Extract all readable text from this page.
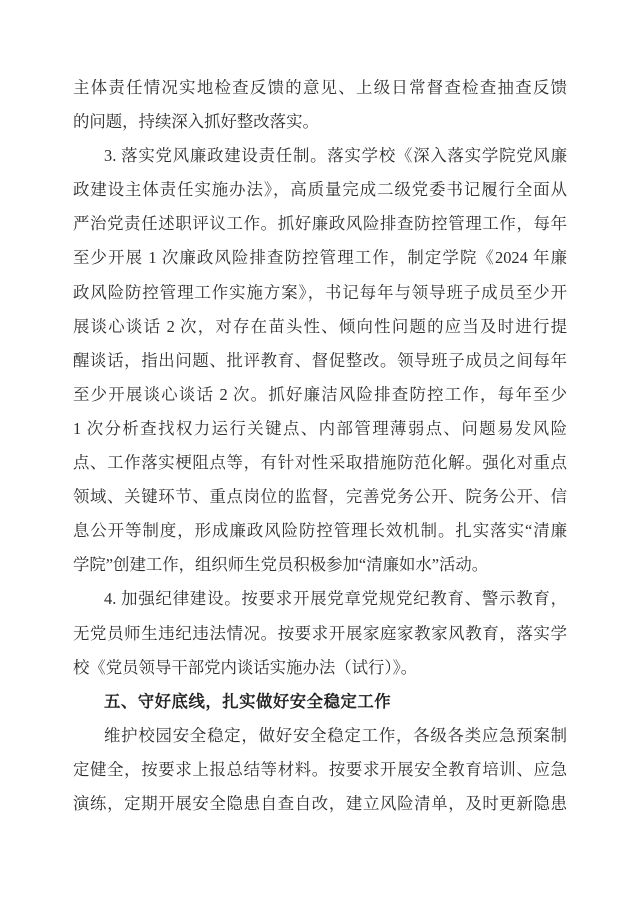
主体责任情况实地检查反馈的意见、上级日常督查检查抽查反馈
的问题，持续深入抓好整改落实。

3. 落实党风廉政建设责任制。落实学校《深入落实学院党风廉
政建设主体责任实施办法》，高质量完成二级党委书记履行全面从
严治党责任述职评议工作。抓好廉政风险排查防控管理工作，每年
至少开展 1 次廉政风险排查防控管理工作，制定学院《2024 年廉
政风险防控管理工作实施方案》，书记每年与领导班子成员至少开
展谈心谈话 2 次，对存在苗头性、倾向性问题的应当及时进行提
醒谈话，指出问题、批评教育、督促整改。领导班子成员之间每年
至少开展谈心谈话 2 次。抓好廉洁风险排查防控工作，每年至少
1 次分析查找权力运行关键点、内部管理薄弱点、问题易发风险
点、工作落实梗阻点等，有针对性采取措施防范化解。强化对重点
领域、关键环节、重点岗位的监督，完善党务公开、院务公开、信
息公开等制度，形成廉政风险防控管理长效机制。扎实落实“清廉
学院”创建工作，组织师生党员积极参加“清廉如水”活动。

4. 加强纪律建设。按要求开展党章党规党纪教育、警示教育，
无党员师生违纪违法情况。按要求开展家庭家教家风教育，落实学
校《党员领导干部党内谈话实施办法（试行）》。

五、守好底线，扎实做好安全稳定工作

维护校园安全稳定，做好安全稳定工作，各级各类应急预案制
定健全，按要求上报总结等材料。按要求开展安全教育培训、应急
演练，定期开展安全隐患自查自改，建立风险清单，及时更新隐患
